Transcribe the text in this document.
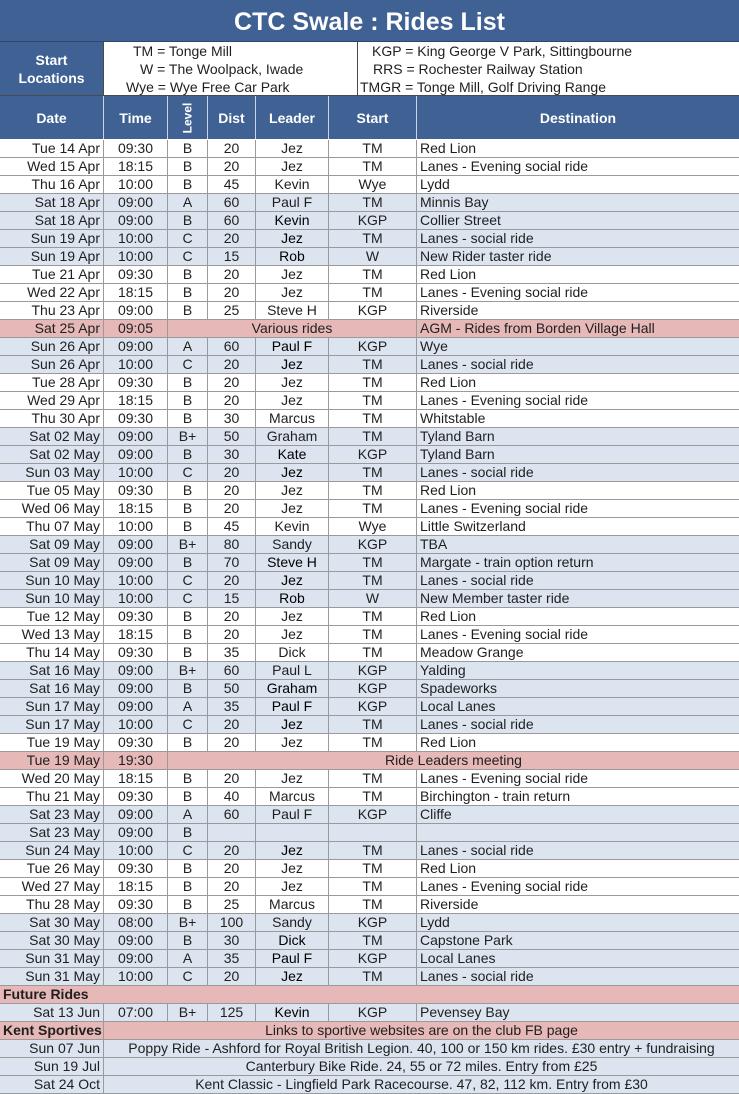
CTC Swale : Rides List
Start
Locations
TM = Tonge Mill
W = The Woolpack, Iwade
Wye = Wye Free Car Park
KGP = King George V Park, Sittingbourne
RRS = Rochester Railway Station
TMGR = Tonge Mill, Golf Driving Range
Date	Time	Level	Dist	Leader	Start	Destination
Tue 14 Apr	09:30	B	20	Jez	TM	Red Lion
Wed 15 Apr	18:15	B	20	Jez	TM	Lanes - Evening social ride
Thu 16 Apr	10:00	B	45	Kevin	Wye	Lydd
Sat 18 Apr	09:00	A	60	Paul F	TM	Minnis Bay
Sat 18 Apr	09:00	B	60	Kevin	KGP	Collier Street
Sun 19 Apr	10:00	C	20	Jez	TM	Lanes - social ride
Sun 19 Apr	10:00	C	15	Rob	W	New Rider taster ride
Tue 21 Apr	09:30	B	20	Jez	TM	Red Lion
Wed 22 Apr	18:15	B	20	Jez	TM	Lanes - Evening social ride
Thu 23 Apr	09:00	B	25	Steve H	KGP	Riverside
Sat 25 Apr	09:05	Various rides	AGM - Rides from Borden Village Hall
Sun 26 Apr	09:00	A	60	Paul F	KGP	Wye
Sun 26 Apr	10:00	C	20	Jez	TM	Lanes - social ride
Tue 28 Apr	09:30	B	20	Jez	TM	Red Lion
Wed 29 Apr	18:15	B	20	Jez	TM	Lanes - Evening social ride
Thu 30 Apr	09:30	B	30	Marcus	TM	Whitstable
Sat 02 May	09:00	B+	50	Graham	TM	Tyland Barn
Sat 02 May	09:00	B	30	Kate	KGP	Tyland Barn
Sun 03 May	10:00	C	20	Jez	TM	Lanes - social ride
Tue 05 May	09:30	B	20	Jez	TM	Red Lion
Wed 06 May	18:15	B	20	Jez	TM	Lanes - Evening social ride
Thu 07 May	10:00	B	45	Kevin	Wye	Little Switzerland
Sat 09 May	09:00	B+	80	Sandy	KGP	TBA
Sat 09 May	09:00	B	70	Steve H	TM	Margate - train option return
Sun 10 May	10:00	C	20	Jez	TM	Lanes - social ride
Sun 10 May	10:00	C	15	Rob	W	New Member taster ride
Tue 12 May	09:30	B	20	Jez	TM	Red Lion
Wed 13 May	18:15	B	20	Jez	TM	Lanes - Evening social ride
Thu 14 May	09:30	B	35	Dick	TM	Meadow Grange
Sat 16 May	09:00	B+	60	Paul L	KGP	Yalding
Sat 16 May	09:00	B	50	Graham	KGP	Spadeworks
Sun 17 May	09:00	A	35	Paul F	KGP	Local Lanes
Sun 17 May	10:00	C	20	Jez	TM	Lanes - social ride
Tue 19 May	09:30	B	20	Jez	TM	Red Lion
Tue 19 May	19:30	Ride Leaders meeting
Wed 20 May	18:15	B	20	Jez	TM	Lanes - Evening social ride
Thu 21 May	09:30	B	40	Marcus	TM	Birchington - train return
Sat 23 May	09:00	A	60	Paul F	KGP	Cliffe
Sat 23 May	09:00	B
Sun 24 May	10:00	C	20	Jez	TM	Lanes - social ride
Tue 26 May	09:30	B	20	Jez	TM	Red Lion
Wed 27 May	18:15	B	20	Jez	TM	Lanes - Evening social ride
Thu 28 May	09:30	B	25	Marcus	TM	Riverside
Sat 30 May	08:00	B+	100	Sandy	KGP	Lydd
Sat 30 May	09:00	B	30	Dick	TM	Capstone Park
Sun 31 May	09:00	A	35	Paul F	KGP	Local Lanes
Sun 31 May	10:00	C	20	Jez	TM	Lanes - social ride
Future Rides
Sat 13 Jun	07:00	B+	125	Kevin	KGP	Pevensey Bay
Kent Sportives	Links to sportive websites are on the club FB page
Sun 07 Jun	Poppy Ride - Ashford for Royal British Legion. 40, 100 or 150 km rides. £30 entry + fundraising
Sun 19 Jul	Canterbury Bike Ride. 24, 55 or 72 miles. Entry from £25
Sat 24 Oct	Kent Classic - Lingfield Park Racecourse. 47, 82, 112 km. Entry from £30
